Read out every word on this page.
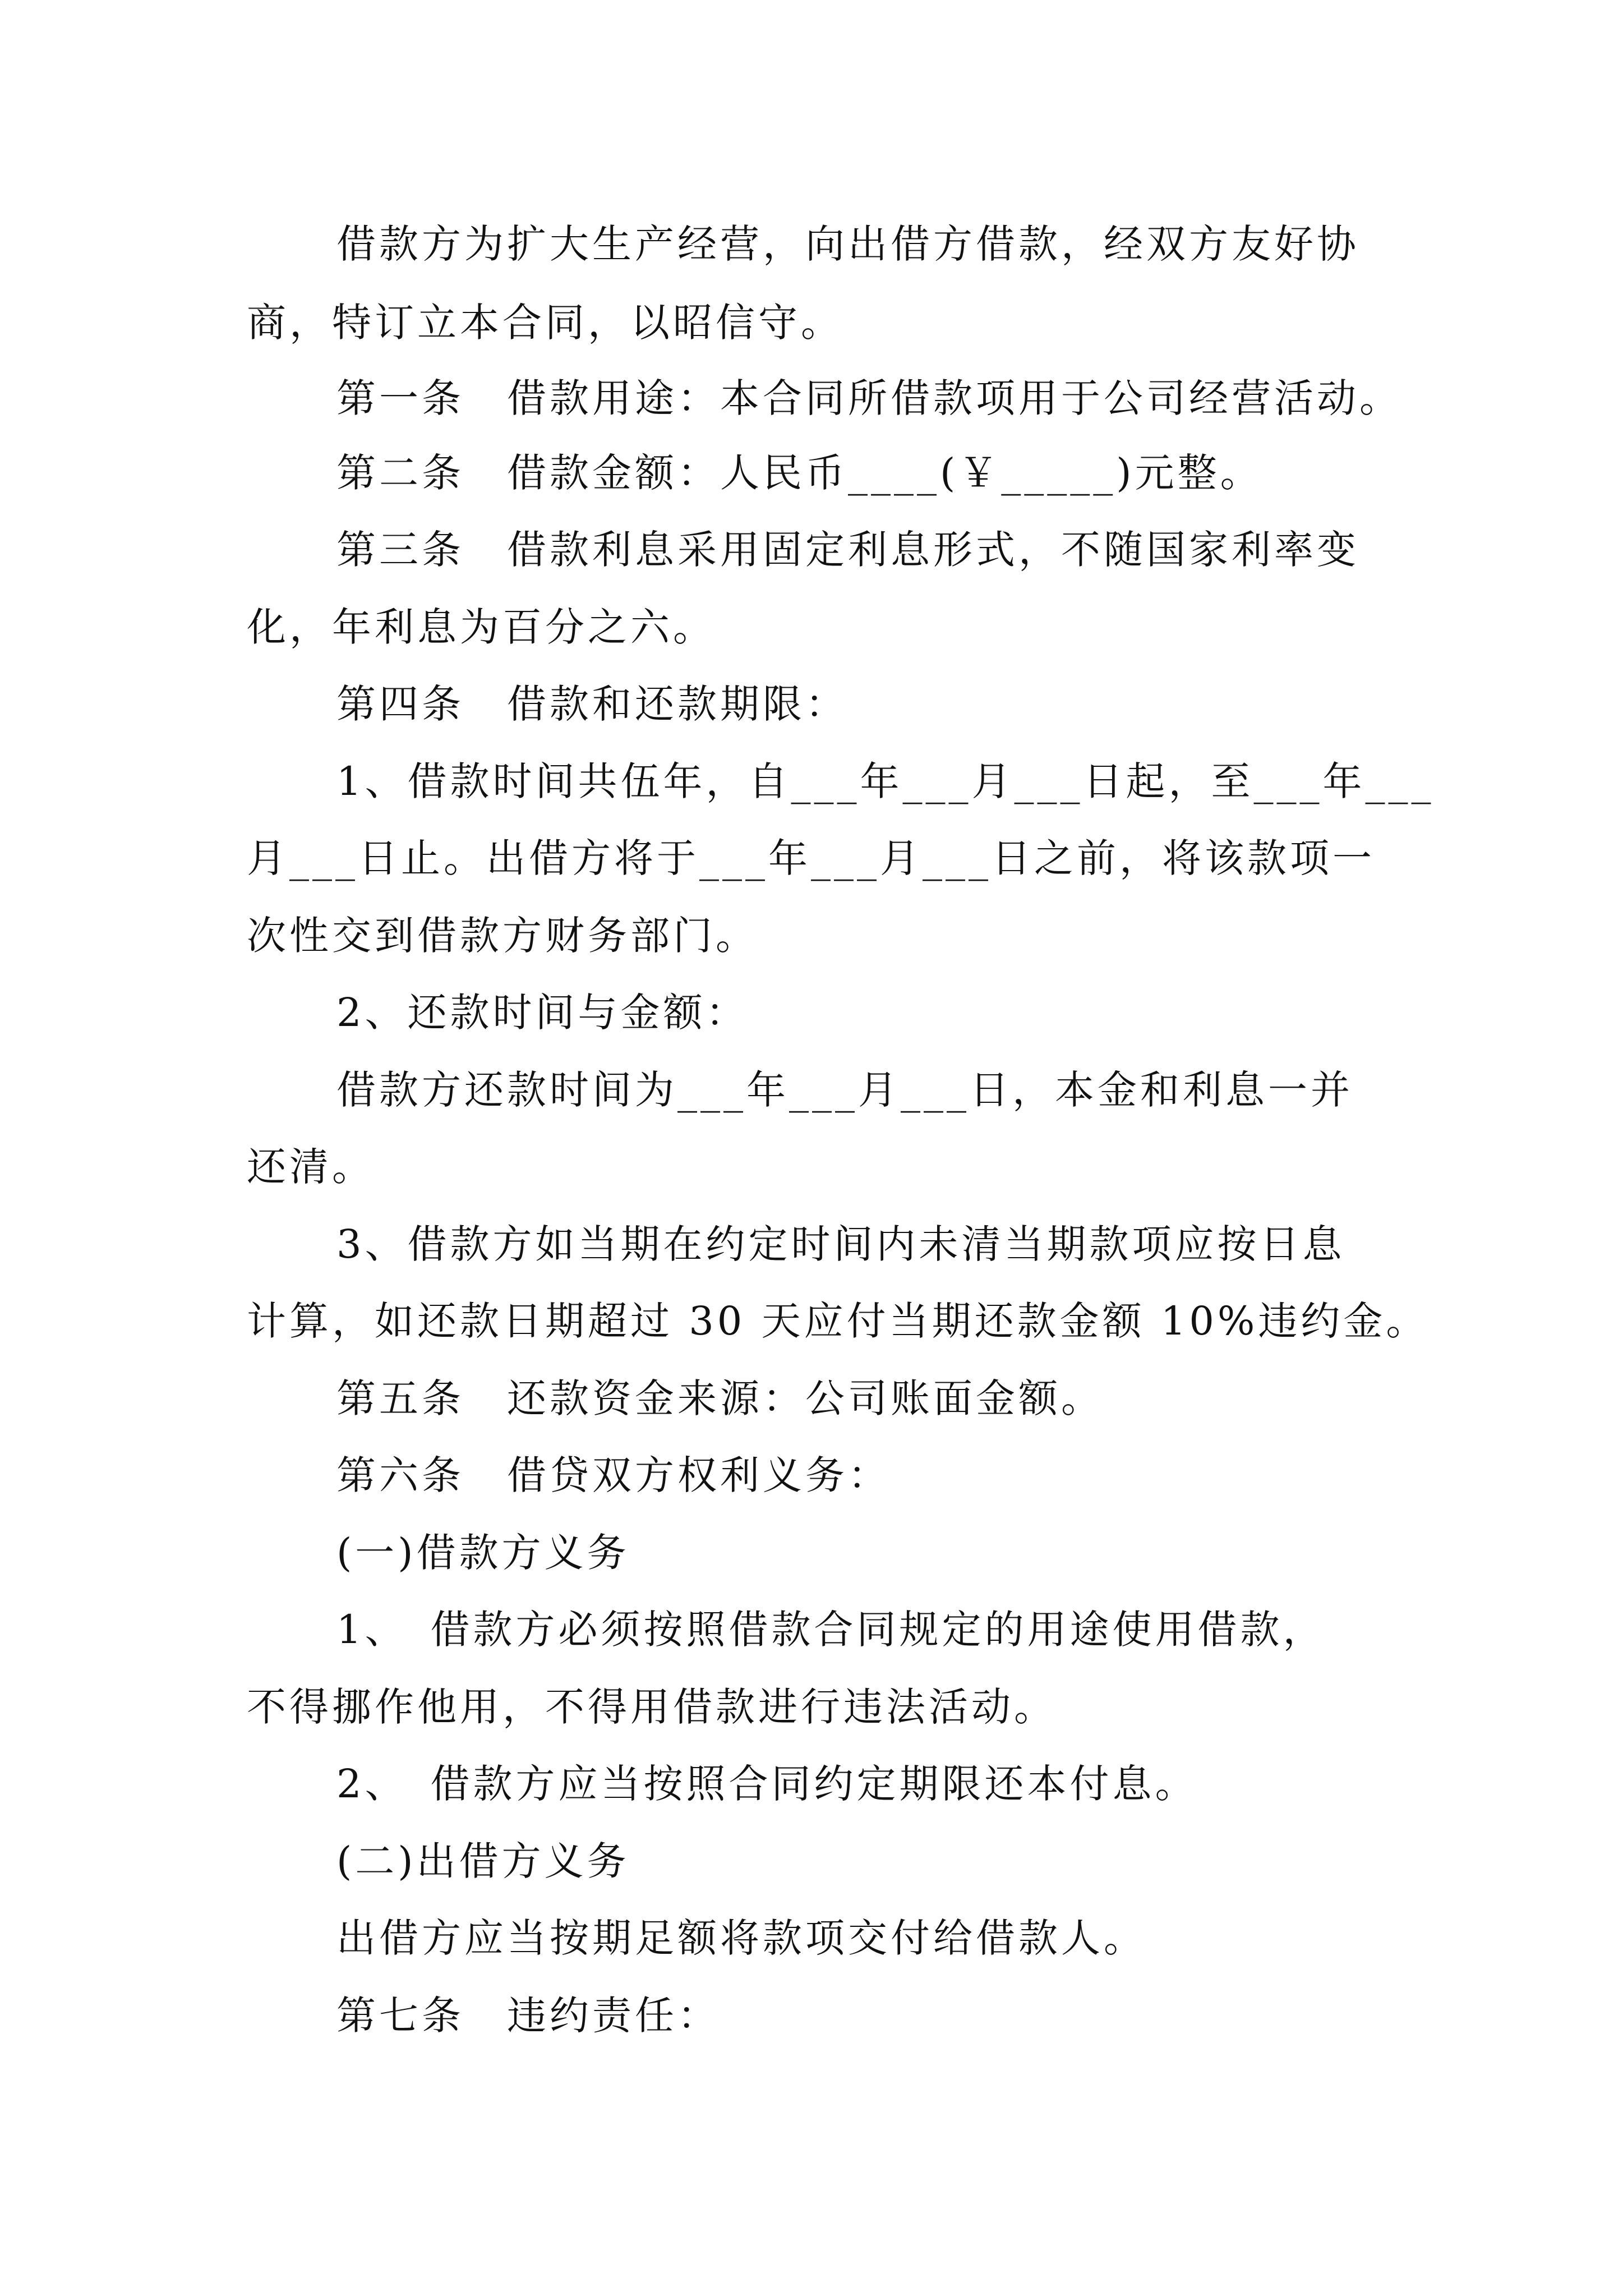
借款方为扩大生产经营，向出借方借款，经双方友好协
商，特订立本合同，以昭信守。
第一条　借款用途：本合同所借款项用于公司经营活动。
第二条　借款金额：人民币____(￥_____)元整。
第三条　借款利息采用固定利息形式，不随国家利率变
化，年利息为百分之六。
第四条　借款和还款期限：
1、借款时间共伍年，自___年___月___日起，至___年___
月___日止。出借方将于___年___月___日之前，将该款项一
次性交到借款方财务部门。
2、还款时间与金额：
借款方还款时间为___年___月___日，本金和利息一并
还清。
3、借款方如当期在约定时间内未清当期款项应按日息
计算，如还款日期超过 30 天应付当期还款金额 10%违约金。
第五条　还款资金来源：公司账面金额。
第六条　借贷双方权利义务：
(一)借款方义务
1、　借款方必须按照借款合同规定的用途使用借款，
不得挪作他用，不得用借款进行违法活动。
2、　借款方应当按照合同约定期限还本付息。
(二)出借方义务
出借方应当按期足额将款项交付给借款人。
第七条　违约责任：
